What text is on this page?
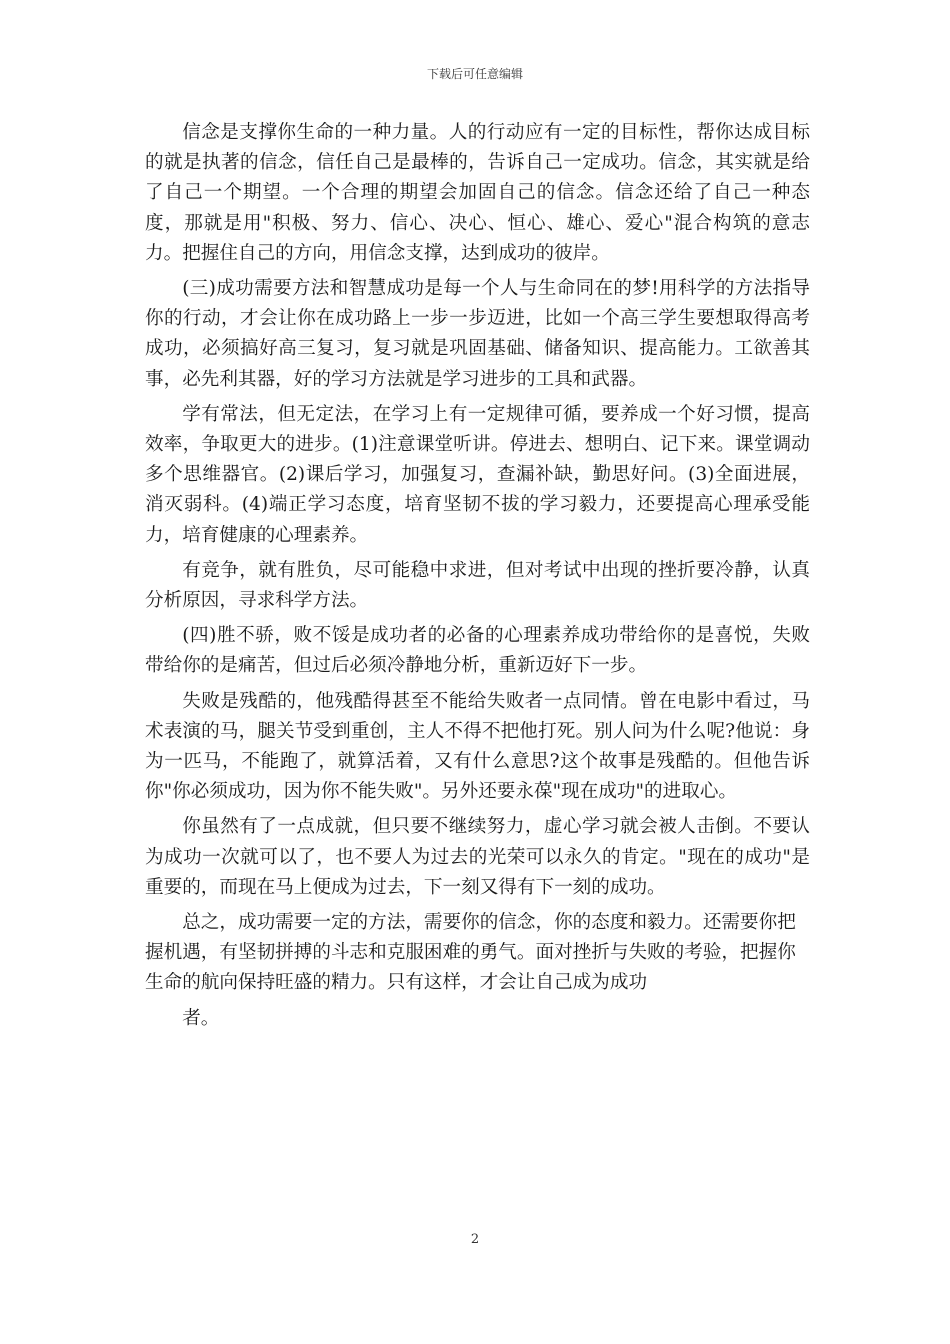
下载后可任意编辑

信念是支撑你生命的一种力量。人的行动应有一定的目标性，帮你达成目标的就是执著的信念，信任自己是最棒的，告诉自己一定成功。信念，其实就是给了自己一个期望。一个合理的期望会加固自己的信念。信念还给了自己一种态度，那就是用"积极、努力、信心、决心、恒心、雄心、爱心"混合构筑的意志力。把握住自己的方向，用信念支撑，达到成功的彼岸。

(三)成功需要方法和智慧成功是每一个人与生命同在的梦!用科学的方法指导你的行动，才会让你在成功路上一步一步迈进，比如一个高三学生要想取得高考成功，必须搞好高三复习，复习就是巩固基础、储备知识、提高能力。工欲善其事，必先利其器，好的学习方法就是学习进步的工具和武器。

学有常法，但无定法，在学习上有一定规律可循，要养成一个好习惯，提高效率，争取更大的进步。(1)注意课堂听讲。停进去、想明白、记下来。课堂调动多个思维器官。(2)课后学习，加强复习，查漏补缺，勤思好问。(3)全面进展，消灭弱科。(4)端正学习态度，培育坚韧不拔的学习毅力，还要提高心理承受能力，培育健康的心理素养。

有竞争，就有胜负，尽可能稳中求进，但对考试中出现的挫折要冷静，认真分析原因，寻求科学方法。

(四)胜不骄，败不馁是成功者的必备的心理素养成功带给你的是喜悦，失败带给你的是痛苦，但过后必须冷静地分析，重新迈好下一步。

失败是残酷的，他残酷得甚至不能给失败者一点同情。曾在电影中看过，马术表演的马，腿关节受到重创，主人不得不把他打死。别人问为什么呢?他说：身为一匹马，不能跑了，就算活着，又有什么意思?这个故事是残酷的。但他告诉你"你必须成功，因为你不能失败"。另外还要永葆"现在成功"的进取心。

你虽然有了一点成就，但只要不继续努力，虚心学习就会被人击倒。不要认为成功一次就可以了，也不要人为过去的光荣可以永久的肯定。"现在的成功"是重要的，而现在马上便成为过去，下一刻又得有下一刻的成功。

总之，成功需要一定的方法，需要你的信念，你的态度和毅力。还需要你把握机遇，有坚韧拼搏的斗志和克服困难的勇气。面对挫折与失败的考验，把握你生命的航向保持旺盛的精力。只有这样，才会让自己成为成功

者。

2
